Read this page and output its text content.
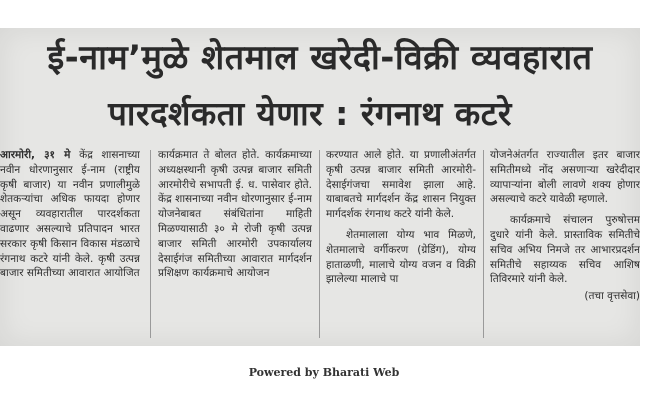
ई-नाम’मुळे शेतमाल खरेदी-विक्री व्यवहारात
पारदर्शकता येणार : रंगनाथ कटरे

आरमोरी, ३१ मे केंद्र शासनाच्या नवीन धोरणानुसार ई-नाम (राष्ट्रीय कृषी बाजार) या नवीन प्रणालीमुळे शेतकऱ्यांचा अधिक फायदा होणार असून व्यवहारातील पारदर्शकता वाढणार असल्याचे प्रतिपादन भारत सरकार कृषी किसान विकास मंडळाचे रंगनाथ कटरे यांनी केले. कृषी उत्पन्न बाजार समितीच्या आवारात आयोजित

कार्यक्रमात ते बोलत होते. कार्यक्रमाच्या अध्यक्षस्थानी कृषी उत्पन्न बाजार समिती आरमोरीचे सभापती ई. ध. पासेवार होते. केंद्र शासनाच्या नवीन धोरणानुसार ई-नाम योजनेबाबत संबंधितांना माहिती मिळण्यासाठी ३० मे रोजी कृषी उत्पन्न बाजार समिती आरमोरी उपकार्यालय देसाईगंज समितीच्या आवारात मार्गदर्शन प्रशिक्षण कार्यक्रमाचे आयोजन

करण्यात आले होते. या प्रणालीअंतर्गत कृषी उत्पन्न बाजार समिती आरमोरी-देसाईगंजचा समावेश झाला आहे. याबाबतचे मार्गदर्शन केंद्र शासन नियुक्त मार्गदर्शक रंगनाथ कटरे यांनी केले.

शेतमालाला योग्य भाव मिळणे, शेतमालाचे वर्गीकरण (ग्रेडिंग), योग्य हाताळणी, मालाचे योग्य वजन व विक्री झालेल्या मालाचे पा

योजनेअंतर्गत राज्यातील इतर बाजार समितीमध्ये नोंद असणाऱ्या खरेदीदार व्यापाऱ्यांना बोली लावणे शक्य होणार असल्याचे कटरे यावेळी म्हणाले.

कार्यक्रमाचे संचालन पुरुषोत्तम दुधारे यांनी केले. प्रास्ताविक समितीचे सचिव अभिय निमजे तर आभारप्रदर्शन समितीचे सहाय्यक सचिव आशिष तिविरमारे यांनी केले.

(तचा वृत्तसेवा)

Powered by Bharati Web
